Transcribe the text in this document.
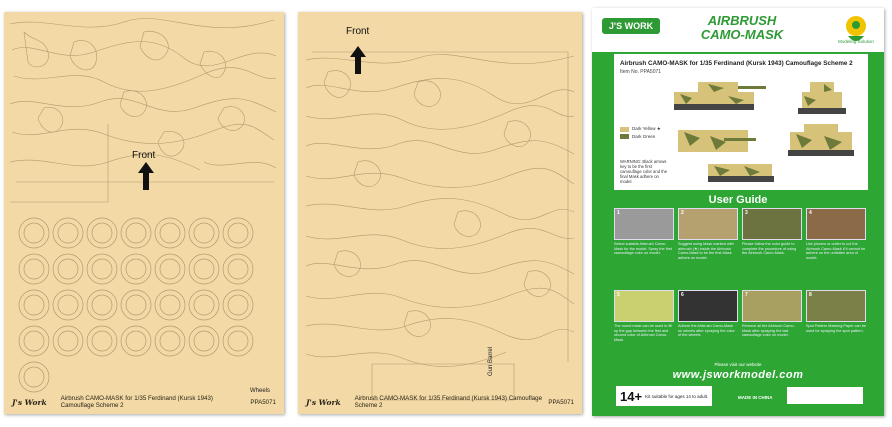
Front
Wheels
J's Work Airbrush CAMO-MASK for 1/35 Ferdinand (Kursk 1943) Camouflage Scheme 2	PPA5071
Front
Gun Barrel
J's Work Airbrush CAMO-MASK for 1/35 Ferdinand (Kursk 1943) Camouflage Scheme 2	PPA5071
J'S WORK	AIRBRUSH
CAMO-MASK	Modeling Solution
Airbrush CAMO-MASK for 1/35 Ferdinand (Kursk 1943) Camouflage Scheme 2
Item No. PPA5071
Dark Yellow ★
Dark Green
WARNING: Black arrows key to be the first camouflage color and the final Mask adhere on model.
User Guide
1	2	3	4
Select suitable Airbrush Camo-Mask for the model. Spray the first camouflage color on model.
Suggest using Mask marked with airbrush (★) inside the Airbrush Camo-Mask to be the first Mask adhere on model.
Please follow the color guide to complete the procedure of using the Airbrush Camo-Mask.
Use pincers or cutter to cut the Airbrush Camo-Mask if it cannot be adhere on the unflatten area of model.
5	6	7	8
The round mask can be used to fill up the gap between the first and second color of Airbrush Camo-Mask.
Adhere the Airbrush Camo-Mask on wheels after spraying the color of the wheels.
Remove all the Airbrush Camo-Mask after spraying the last camouflage color on model.
Spot Pattern Masking Paper can be used for spraying the spot pattern.
Please visit our website
www.jsworkmodel.com
14+ Kit suitable for ages 14 to adult.	MADE IN CHINA
